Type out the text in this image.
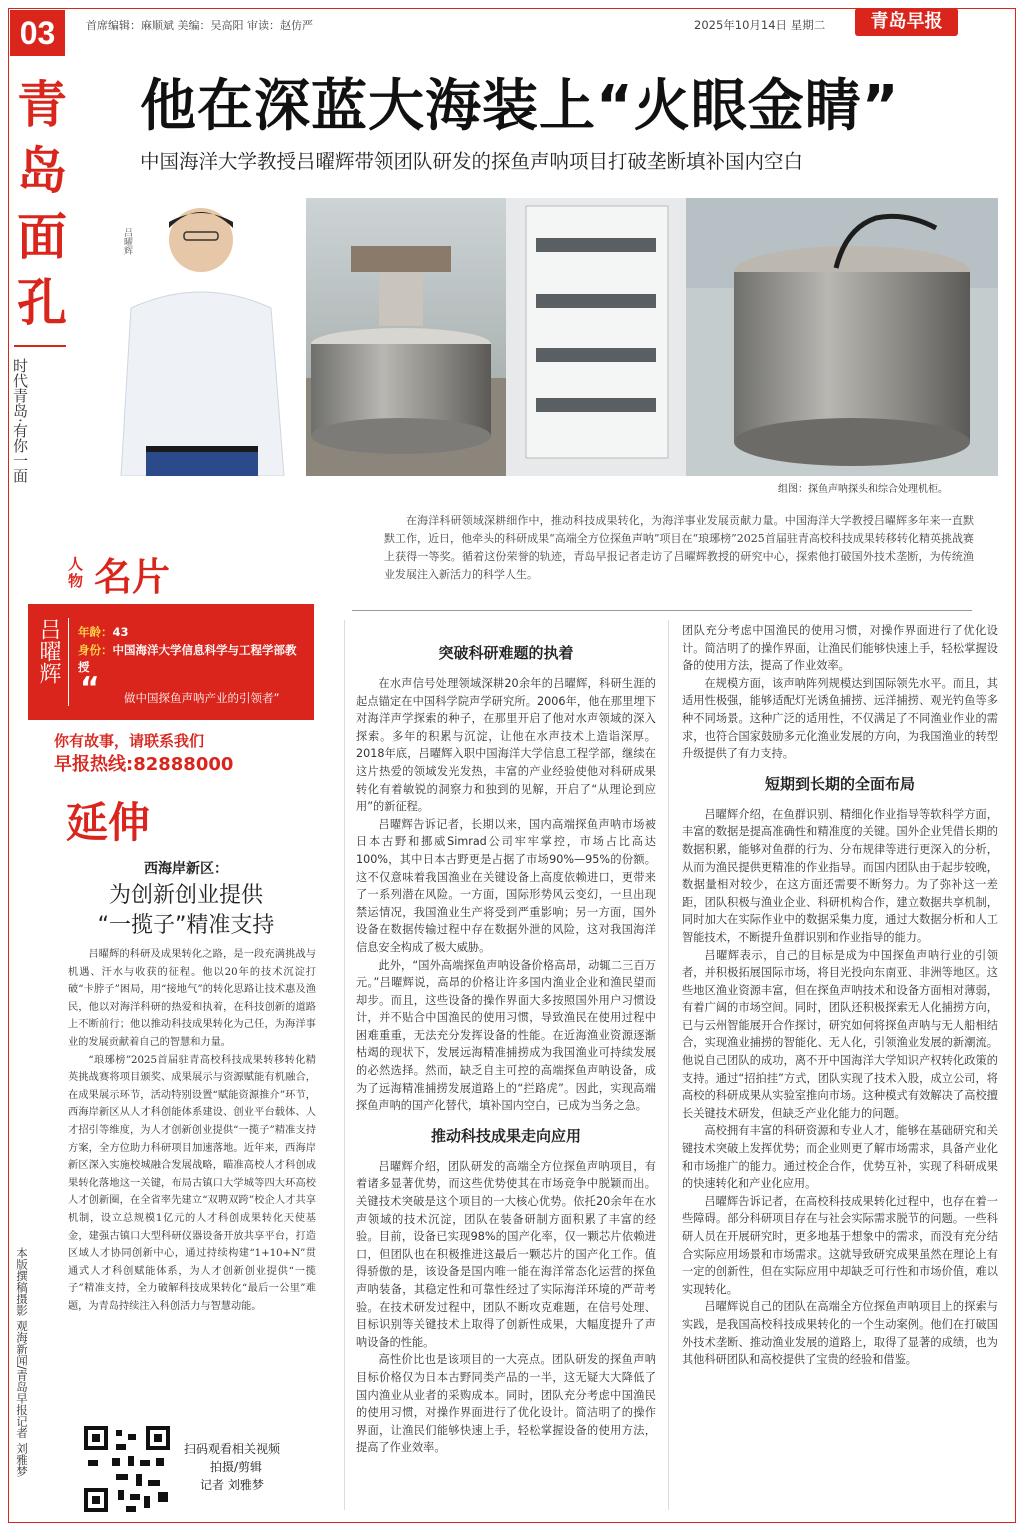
03	首席编辑：麻顺斌 美编：吴高阳 审读：赵仿严	2025年10月14日 星期二	青岛早报
青
岛
面
孔
时代青岛·有你一面
他在深蓝大海装上“火眼金睛”
中国海洋大学教授吕曜辉带领团队研发的探鱼声呐项目打破垄断填补国内空白
吕曜辉
组图：探鱼声呐探头和综合处理机柜。
在海洋科研领域深耕细作中，推动科技成果转化，为海洋事业发展贡献力量。中国海洋大学教授吕曜辉多年来一直默默工作，近日，他牵头的科研成果“高端全方位探鱼声呐”项目在“琅琊榜”2025首届驻青高校科技成果转移转化精英挑战赛上获得一等奖。循着这份荣誉的轨迹，青岛早报记者走访了吕曜辉教授的研究中心，探索他打破国外技术垄断，为传统渔业发展注入新活力的科学人生。
人物 名片
吕曜辉 年龄：43
身份：中国海洋大学信息科学与工程学部教授
“ 做中国探鱼声呐产业的引领者”
你有故事，请联系我们
早报热线:82888000
延伸
西海岸新区：
为创新创业提供
“一揽子”精准支持

吕曜辉的科研及成果转化之路，是一段充满挑战与机遇、汗水与收获的征程。他以20年的技术沉淀打破“卡脖子”困局，用“接地气”的转化思路让技术惠及渔民，他以对海洋科研的热爱和执着，在科技创新的道路上不断前行；他以推动科技成果转化为己任，为海洋事业的发展贡献着自己的智慧和力量。

“琅琊榜”2025首届驻青高校科技成果转移转化精英挑战赛将项目颁奖、成果展示与资源赋能有机融合，在成果展示环节，活动特别设置“赋能资源推介”环节，西海岸新区从人才科创能体系建设、创业平台载体、人才招引等维度，为人才创新创业提供“一揽子”精准支持方案，全方位助力科研项目加速落地。近年来，西海岸新区深入实施校城融合发展战略，瞄准高校人才科创成果转化落地这一关键，布局古镇口大学城等四大环高校人才创新圈，在全省率先建立“双聘双跨”校企人才共享机制，设立总规模1亿元的人才科创成果转化天使基金，建强古镇口大型科研仪器设备开放共享平台，打造区域人才协同创新中心，通过持续构建“1+10+N”贯通式人才科创赋能体系，为人才创新创业提供“一揽子”精准支持，全力破解科技成果转化“最后一公里”难题，为青岛持续注入科创活力与智慧动能。

扫码观看相关视频
拍摄/剪辑
记者 刘雅梦
本版撰稿摄影 观海新闻/青岛早报记者 刘雅梦
突破科研难题的执着

在水声信号处理领域深耕20余年的吕曜辉，科研生涯的起点锚定在中国科学院声学研究所。2006年，他在那里埋下对海洋声学探索的种子，在那里开启了他对水声领域的深入探索。多年的积累与沉淀，让他在水声技术上造诣深厚。2018年底，吕曜辉入职中国海洋大学信息工程学部，继续在这片热爱的领域发光发热，丰富的产业经验使他对科研成果转化有着敏锐的洞察力和独到的见解，开启了“从理论到应用”的新征程。

吕曜辉告诉记者，长期以来，国内高端探鱼声呐市场被日本古野和挪威Simrad公司牢牢掌控，市场占比高达100%，其中日本古野更是占据了市场90%—95%的份额。这不仅意味着我国渔业在关键设备上高度依赖进口，更带来了一系列潜在风险。一方面，国际形势风云变幻，一旦出现禁运情况，我国渔业生产将受到严重影响；另一方面，国外设备在数据传输过程中存在数据外泄的风险，这对我国海洋信息安全构成了极大威胁。

此外，“国外高端探鱼声呐设备价格高昂，动辄二三百万元。”吕曜辉说，高昂的价格让许多国内渔业企业和渔民望而却步。而且，这些设备的操作界面大多按照国外用户习惯设计，并不贴合中国渔民的使用习惯，导致渔民在使用过程中困难重重，无法充分发挥设备的性能。在近海渔业资源逐渐枯竭的现状下，发展远海精准捕捞成为我国渔业可持续发展的必然选择。然而，缺乏自主可控的高端探鱼声呐设备，成为了远海精准捕捞发展道路上的“拦路虎”。因此，实现高端探鱼声呐的国产化替代，填补国内空白，已成为当务之急。

推动科技成果走向应用

吕曜辉介绍，团队研发的高端全方位探鱼声呐项目，有着诸多显著优势，而这些优势使其在市场竞争中脱颖而出。关键技术突破是这个项目的一大核心优势。依托20余年在水声领域的技术沉淀，团队在装备研制方面积累了丰富的经验。目前，设备已实现98%的国产化率，仅一颗芯片依赖进口，但团队也在积极推进这最后一颗芯片的国产化工作。值得骄傲的是，该设备是国内唯一能在海洋常态化运营的探鱼声呐装备，其稳定性和可靠性经过了实际海洋环境的严苛考验。在技术研发过程中，团队不断攻克难题，在信号处理、目标识别等关键技术上取得了创新性成果，大幅度提升了声呐设备的性能。

高性价比也是该项目的一大亮点。团队研发的探鱼声呐目标价格仅为日本古野同类产品的一半，这无疑大大降低了国内渔业从业者的采购成本。同时，团队充分考虑中国渔民的使用习惯，对操作界面进行了优化设计。简洁明了的操作界面，让渔民们能够快速上手，轻松掌握设备的使用方法，提高了作业效率。

团队充分考虑中国渔民的使用习惯，对操作界面进行了优化设计。简洁明了的操作界面，让渔民们能够快速上手，轻松掌握设备的使用方法，提高了作业效率。

在规模方面，该声呐阵列规模达到国际领先水平。而且，其适用性极强，能够适配灯光诱鱼捕捞、远洋捕捞、观光钓鱼等多种不同场景。这种广泛的适用性，不仅满足了不同渔业作业的需求，也符合国家鼓励多元化渔业发展的方向，为我国渔业的转型升级提供了有力支持。

短期到长期的全面布局

吕曜辉介绍，在鱼群识别、精细化作业指导等软科学方面，丰富的数据是提高准确性和精准度的关键。国外企业凭借长期的数据积累，能够对鱼群的行为、分布规律等进行更深入的分析，从而为渔民提供更精准的作业指导。而国内团队由于起步较晚，数据量相对较少，在这方面还需要不断努力。为了弥补这一差距，团队积极与渔业企业、科研机构合作，建立数据共享机制，同时加大在实际作业中的数据采集力度，通过大数据分析和人工智能技术，不断提升鱼群识别和作业指导的能力。

吕曜辉表示，自己的目标是成为中国探鱼声呐行业的引领者，并积极拓展国际市场，将目光投向东南亚、非洲等地区。这些地区渔业资源丰富，但在探鱼声呐技术和设备方面相对薄弱，有着广阔的市场空间。同时，团队还积极探索无人化捕捞方向，已与云州智能展开合作探讨，研究如何将探鱼声呐与无人船相结合，实现渔业捕捞的智能化、无人化，引领渔业发展的新潮流。他说自己团队的成功，离不开中国海洋大学知识产权转化政策的支持。通过“招拍挂”方式，团队实现了技术入股，成立公司，将高校的科研成果从实验室推向市场。这种模式有效解决了高校擅长关键技术研发，但缺乏产业化能力的问题。

高校拥有丰富的科研资源和专业人才，能够在基础研究和关键技术突破上发挥优势；而企业则更了解市场需求，具备产业化和市场推广的能力。通过校企合作，优势互补，实现了科研成果的快速转化和产业化应用。

吕曜辉告诉记者，在高校科技成果转化过程中，也存在着一些障碍。部分科研项目存在与社会实际需求脱节的问题。一些科研人员在开展研究时，更多地基于想象中的需求，而没有充分结合实际应用场景和市场需求。这就导致研究成果虽然在理论上有一定的创新性，但在实际应用中却缺乏可行性和市场价值，难以实现转化。

吕曜辉说自己的团队在高端全方位探鱼声呐项目上的探索与实践，是我国高校科技成果转化的一个生动案例。他们在打破国外技术垄断、推动渔业发展的道路上，取得了显著的成绩，也为其他科研团队和高校提供了宝贵的经验和借鉴。
